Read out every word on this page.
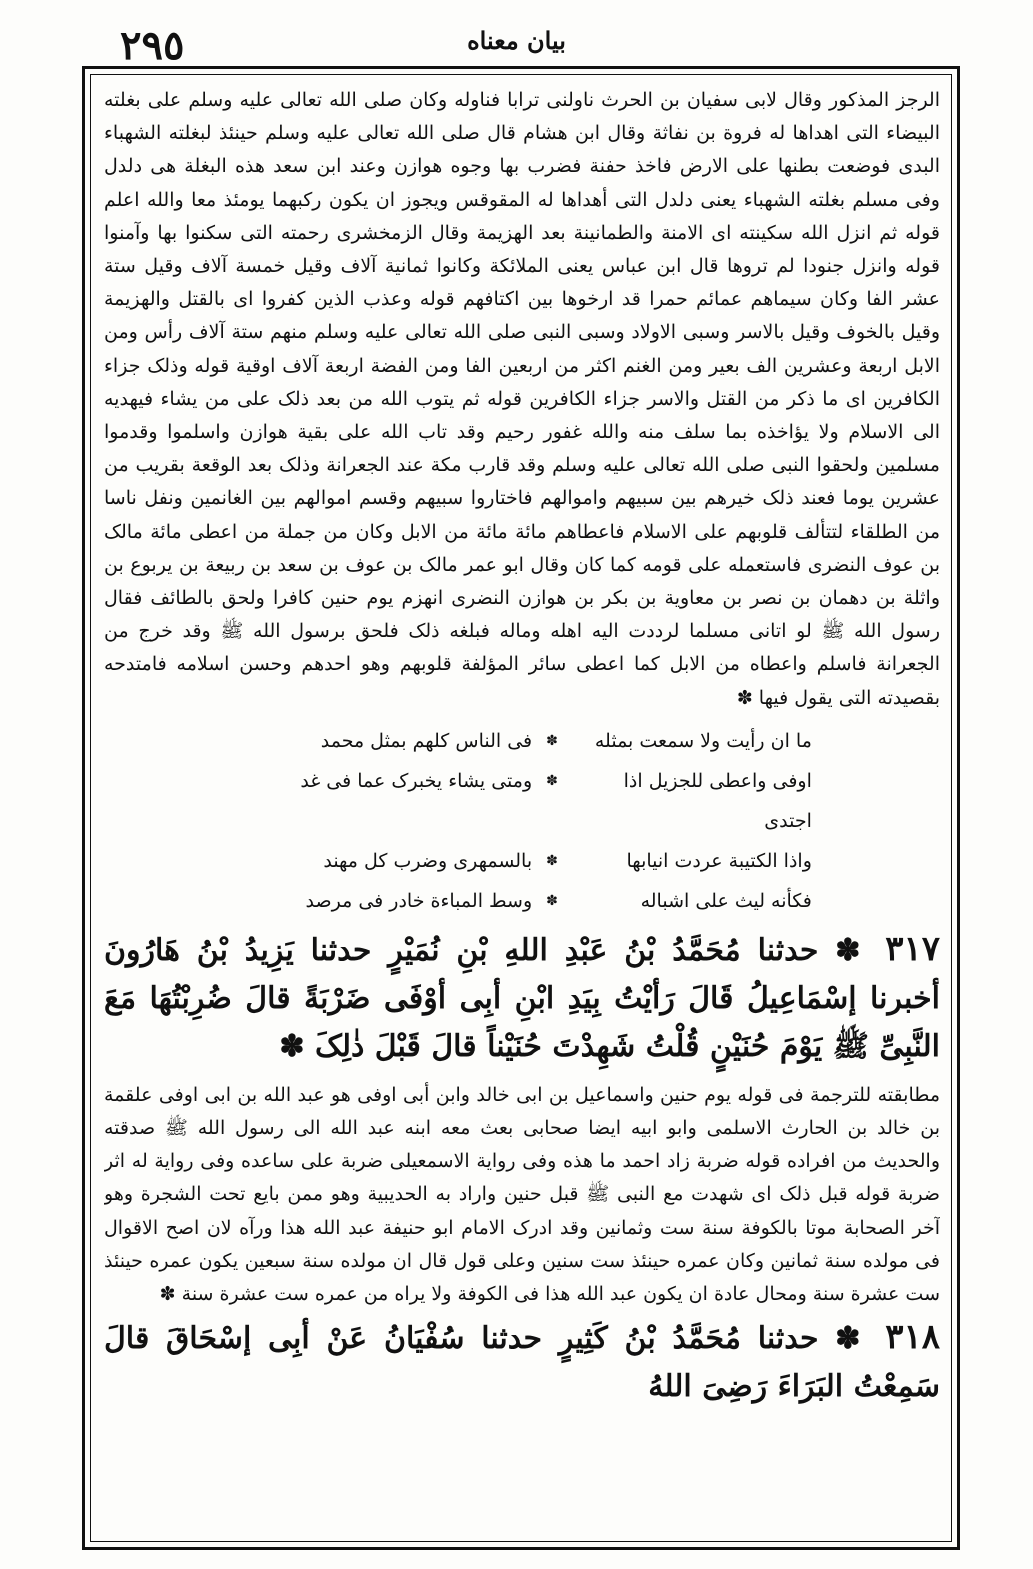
٢٩٥	بیان معناه

الرجز المذکور وقال لابی سفیان بن الحرث ناولنی ترابا فناوله وکان صلی الله تعالی علیه وسلم علی بغلته البیضاء التی اهداها له فروة بن نفاثة وقال ابن هشام قال صلی الله تعالی علیه وسلم حینئذ لبغلته الشهباء البدی فوضعت بطنها علی الارض فاخذ حفنة فضرب بها وجوه هوازن وعند ابن سعد هذه البغلة هی دلدل وفی مسلم بغلته الشهباء یعنی دلدل التی أهداها له المقوقس ویجوز ان یکون رکبهما یومئذ معا والله اعلم قوله ثم انزل الله سکینته ای الامنة والطمانینة بعد الهزیمة وقال الزمخشری رحمته التی سکنوا بها وآمنوا قوله وانزل جنودا لم تروها قال ابن عباس یعنی الملائکة وکانوا ثمانیة آلاف وقیل خمسة آلاف وقیل ستة عشر الفا وکان سیماهم عمائم حمرا قد ارخوها بین اکتافهم قوله وعذب الذین کفروا ای بالقتل والهزیمة وقیل بالخوف وقیل بالاسر وسبی الاولاد وسبی النبی صلی الله تعالی علیه وسلم منهم ستة آلاف رأس ومن الابل اربعة وعشرین الف بعیر ومن الغنم اکثر من اربعین الفا ومن الفضة اربعة آلاف اوقیة قوله وذلک جزاء الکافرین ای ما ذکر من القتل والاسر جزاء الکافرین قوله ثم یتوب الله من بعد ذلک علی من یشاء فیهدیه الی الاسلام ولا یؤاخذه بما سلف منه والله غفور رحیم وقد تاب الله علی بقیة هوازن واسلموا وقدموا مسلمین ولحقوا النبی صلی الله تعالی علیه وسلم وقد قارب مکة عند الجعرانة وذلک بعد الوقعة بقریب من عشرین یوما فعند ذلک خیرهم بین سبیهم واموالهم فاختاروا سبیهم وقسم اموالهم بین الغانمین ونفل ناسا من الطلقاء لتتألف قلوبهم علی الاسلام فاعطاهم مائة مائة من الابل وکان من جملة من اعطی مائة مالک بن عوف النضری فاستعمله علی قومه کما کان وقال ابو عمر مالک بن عوف بن سعد بن ربیعة بن یربوع بن واثلة بن دهمان بن نصر بن معاویة بن بکر بن هوازن النضری انهزم یوم حنین کافرا ولحق بالطائف فقال رسول الله ﷺ لو اتانی مسلما لرددت الیه اهله وماله فبلغه ذلک فلحق برسول الله ﷺ وقد خرج من الجعرانة فاسلم واعطاه من الابل کما اعطی سائر المؤلفة قلوبهم وهو احدهم وحسن اسلامه فامتدحه بقصیدته التی یقول فیها ✽

ما ان رأیت ولا سمعت بمثله
✽
فی الناس کلهم بمثل محمد
اوفی واعطی للجزیل اذا اجتدی
✽
ومتی یشاء یخبرک عما فی غد
واذا الکتیبة عردت انیابها
✽
بالسمهری وضرب کل مهند
فکأنه لیث علی اشباله
✽
وسط المباءة خادر فی مرصد

٣١٧ ✽ حدثنا مُحَمَّدُ بْنُ عَبْدِ اللهِ بْنِ نُمَیْرٍ حدثنا یَزِیدُ بْنُ هَارُونَ أخبرنا إسْمَاعِیلُ قَالَ رَأیْتُ بِیَدِ ابْنِ أبِی أوْفَی ضَرْبَةً قالَ ضُرِبْتُهَا مَعَ النَّبِیِّ ﷺ یَوْمَ حُنَیْنٍ قُلْتُ شَهِدْتَ حُنَیْناً قالَ قَبْلَ ذٰلِکَ ✽

مطابقته للترجمة فی قوله یوم حنین واسماعیل بن ابی خالد وابن أبی اوفی هو عبد الله بن ابی اوفی علقمة بن خالد بن الحارث الاسلمی وابو ابیه ایضا صحابی بعث معه ابنه عبد الله الی رسول الله ﷺ صدقته والحدیث من افراده قوله ضربة زاد احمد ما هذه وفی روایة الاسمعیلی ضربة علی ساعده وفی روایة له اثر ضربة قوله قبل ذلک ای شهدت مع النبی ﷺ قبل حنین واراد به الحدیبیة وهو ممن بایع تحت الشجرة وهو آخر الصحابة موتا بالکوفة سنة ست وثمانین وقد ادرک الامام ابو حنیفة عبد الله هذا ورآه لان اصح الاقوال فی مولده سنة ثمانین وکان عمره حینئذ ست سنین وعلی قول قال ان مولده سنة سبعین یکون عمره حینئذ ست عشرة سنة ومحال عادة ان یکون عبد الله هذا فی الکوفة ولا یراه من عمره ست عشرة سنة ✽

٣١٨ ✽ حدثنا مُحَمَّدُ بْنُ کَثِیرٍ حدثنا سُفْیَانُ عَنْ أبِی إسْحَاقَ قالَ سَمِعْتُ البَرَاءَ رَضِیَ اللهُ
